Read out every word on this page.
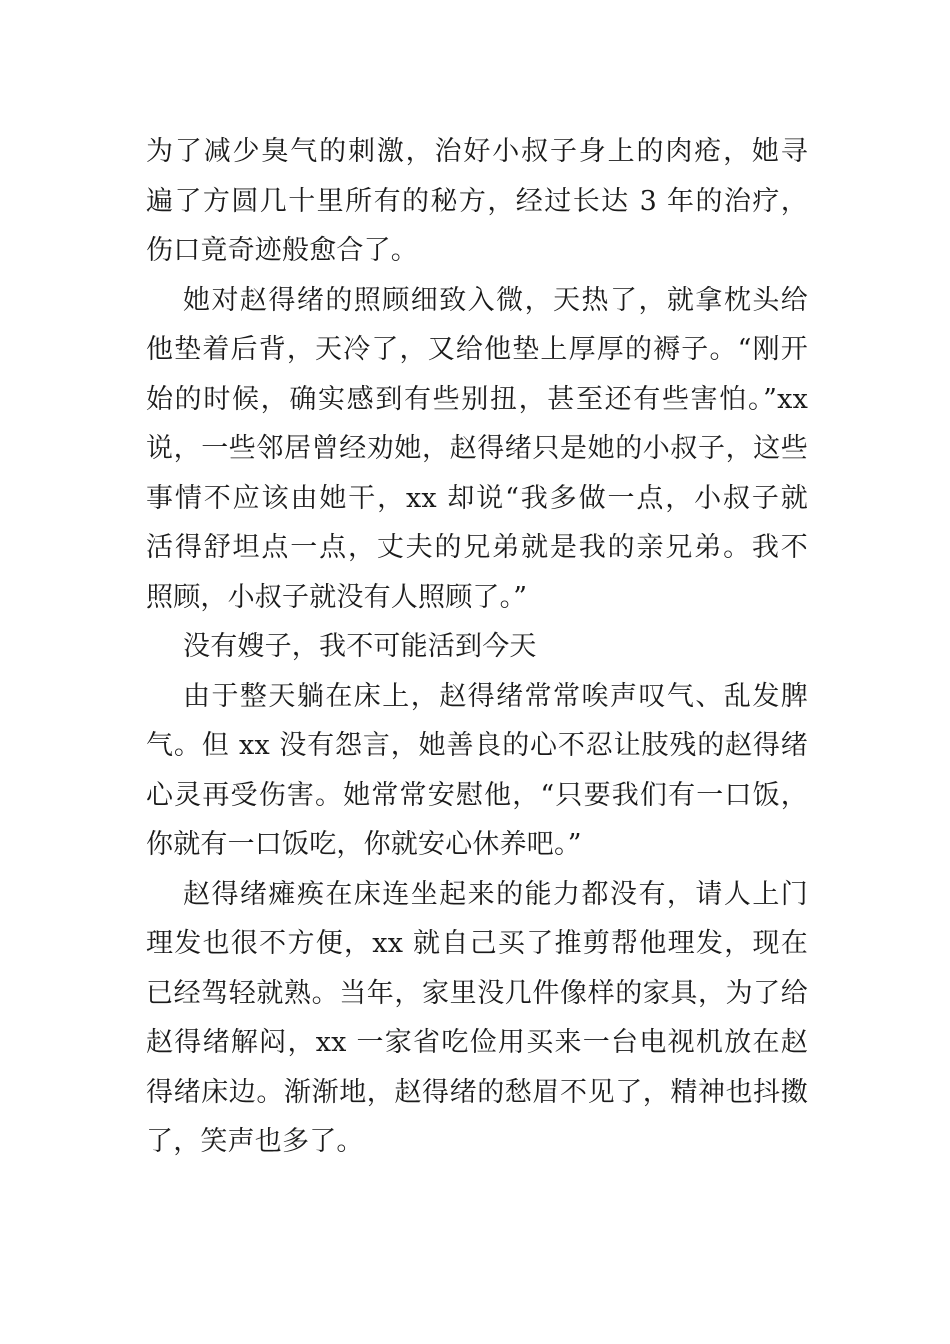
为了减少臭气的刺激，治好小叔子身上的肉疮，她寻
遍了方圆几十里所有的秘方，经过长达 3 年的治疗，
伤口竟奇迹般愈合了。
她对赵得绪的照顾细致入微，天热了，就拿枕头给
他垫着后背，天冷了，又给他垫上厚厚的褥子。“刚开
始的时候，确实感到有些别扭，甚至还有些害怕。”xx
说，一些邻居曾经劝她，赵得绪只是她的小叔子，这些
事情不应该由她干，xx 却说“我多做一点，小叔子就
活得舒坦点一点，丈夫的兄弟就是我的亲兄弟。我不
照顾，小叔子就没有人照顾了。”
没有嫂子，我不可能活到今天
由于整天躺在床上，赵得绪常常唉声叹气、乱发脾
气。但 xx 没有怨言，她善良的心不忍让肢残的赵得绪
心灵再受伤害。她常常安慰他，“只要我们有一口饭，
你就有一口饭吃，你就安心休养吧。”
赵得绪瘫痪在床连坐起来的能力都没有，请人上门
理发也很不方便，xx 就自己买了推剪帮他理发，现在
已经驾轻就熟。当年，家里没几件像样的家具，为了给
赵得绪解闷，xx 一家省吃俭用买来一台电视机放在赵
得绪床边。渐渐地，赵得绪的愁眉不见了，精神也抖擞
了，笑声也多了。
